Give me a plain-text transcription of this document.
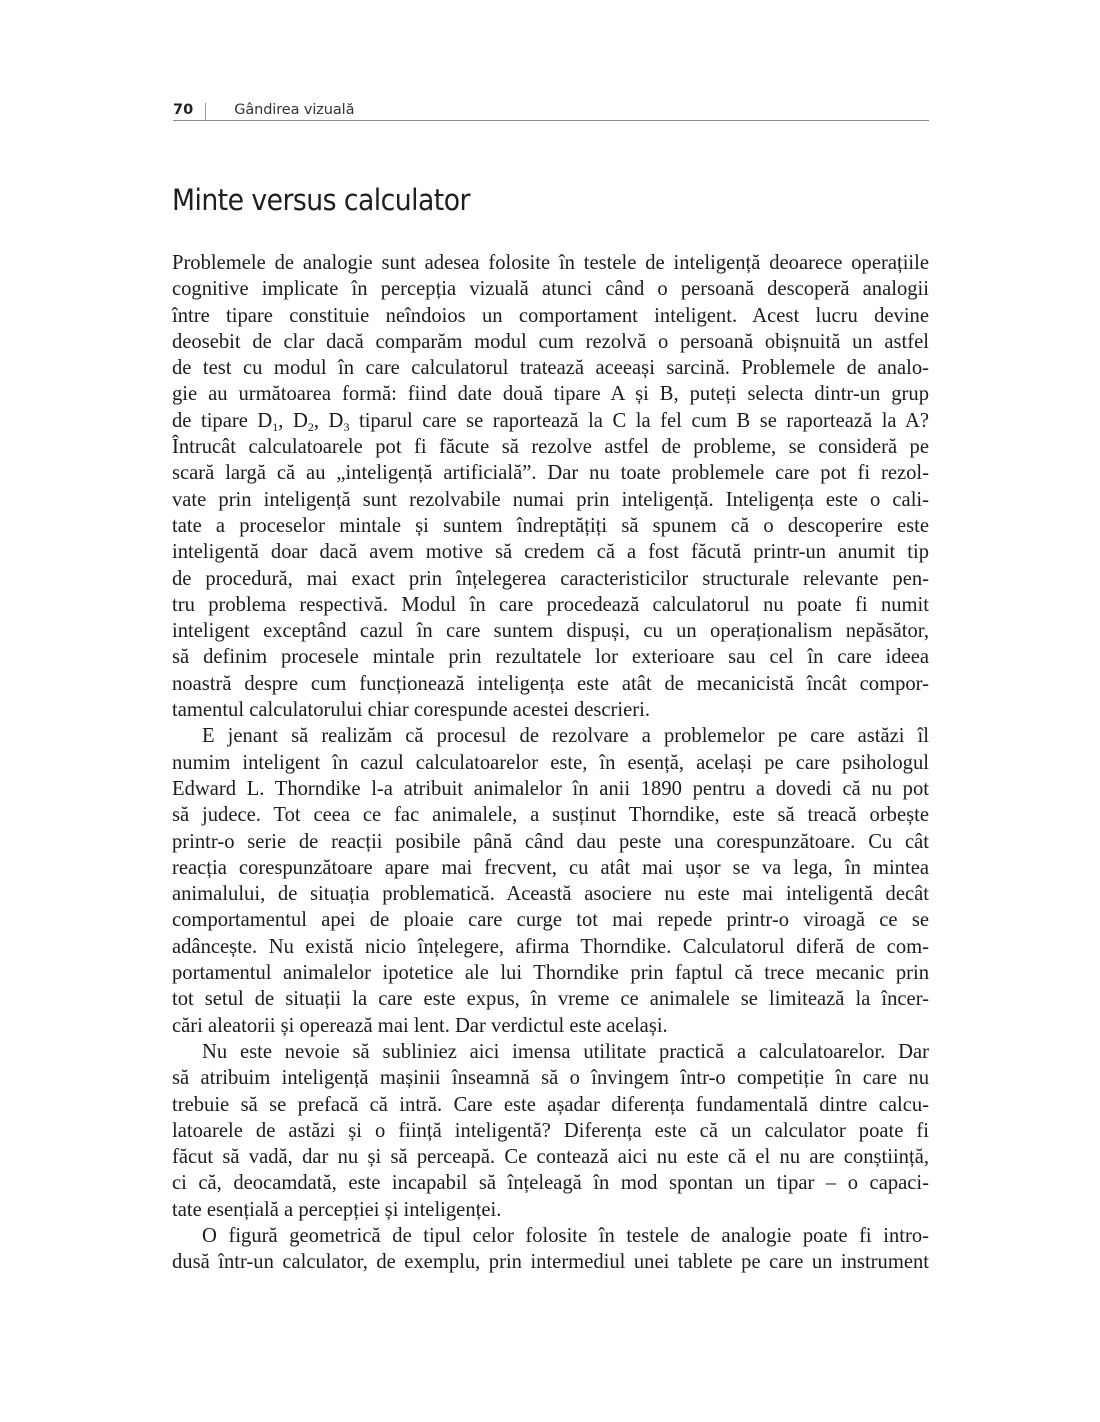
70	Gândirea vizuală
Minte versus calculator
Problemele de analogie sunt adesea folosite în testele de inteligență deoarece operațiile
cognitive implicate în percepția vizuală atunci când o persoană descoperă analogii
între tipare constituie neîndoios un comportament inteligent. Acest lucru devine
deosebit de clar dacă comparăm modul cum rezolvă o persoană obișnuită un astfel
de test cu modul în care calculatorul tratează aceeași sarcină. Problemele de analo-
gie au următoarea formă: fiind date două tipare A și B, puteți selecta dintr-un grup
de tipare $D_1$, $D_2$, $D_3$ tiparul care se raportează la C la fel cum B se raportează la A?
Întrucât calculatoarele pot fi făcute să rezolve astfel de probleme, se consideră pe
scară largă că au „inteligență artificială”. Dar nu toate problemele care pot fi rezol-
vate prin inteligență sunt rezolvabile numai prin inteligență. Inteligența este o cali-
tate a proceselor mintale și suntem îndreptățiți să spunem că o descoperire este
inteligentă doar dacă avem motive să credem că a fost făcută printr-un anumit tip
de procedură, mai exact prin înțelegerea caracteristicilor structurale relevante pen-
tru problema respectivă. Modul în care procedează calculatorul nu poate fi numit
inteligent exceptând cazul în care suntem dispuși, cu un operaționalism nepăsător,
să definim procesele mintale prin rezultatele lor exterioare sau cel în care ideea
noastră despre cum funcționează inteligența este atât de mecanicistă încât compor-
tamentul calculatorului chiar corespunde acestei descrieri.
E jenant să realizăm că procesul de rezolvare a problemelor pe care astăzi îl
numim inteligent în cazul calculatoarelor este, în esență, același pe care psihologul
Edward L. Thorndike l-a atribuit animalelor în anii 1890 pentru a dovedi că nu pot
să judece. Tot ceea ce fac animalele, a susținut Thorndike, este să treacă orbește
printr-o serie de reacții posibile până când dau peste una corespunzătoare. Cu cât
reacția corespunzătoare apare mai frecvent, cu atât mai ușor se va lega, în mintea
animalului, de situația problematică. Această asociere nu este mai inteligentă decât
comportamentul apei de ploaie care curge tot mai repede printr-o viroagă ce se
adâncește. Nu există nicio înțelegere, afirma Thorndike. Calculatorul diferă de com-
portamentul animalelor ipotetice ale lui Thorndike prin faptul că trece mecanic prin
tot setul de situații la care este expus, în vreme ce animalele se limitează la încer-
cări aleatorii și operează mai lent. Dar verdictul este același.
Nu este nevoie să subliniez aici imensa utilitate practică a calculatoarelor. Dar
să atribuim inteligență mașinii înseamnă să o învingem într-o competiție în care nu
trebuie să se prefacă că intră. Care este așadar diferența fundamentală dintre calcu-
latoarele de astăzi și o ființă inteligentă? Diferența este că un calculator poate fi
făcut să vadă, dar nu și să perceapă. Ce contează aici nu este că el nu are conștiință,
ci că, deocamdată, este incapabil să înțeleagă în mod spontan un tipar – o capaci-
tate esențială a percepției și inteligenței.
O figură geometrică de tipul celor folosite în testele de analogie poate fi intro-
dusă într-un calculator, de exemplu, prin intermediul unei tablete pe care un instrument
